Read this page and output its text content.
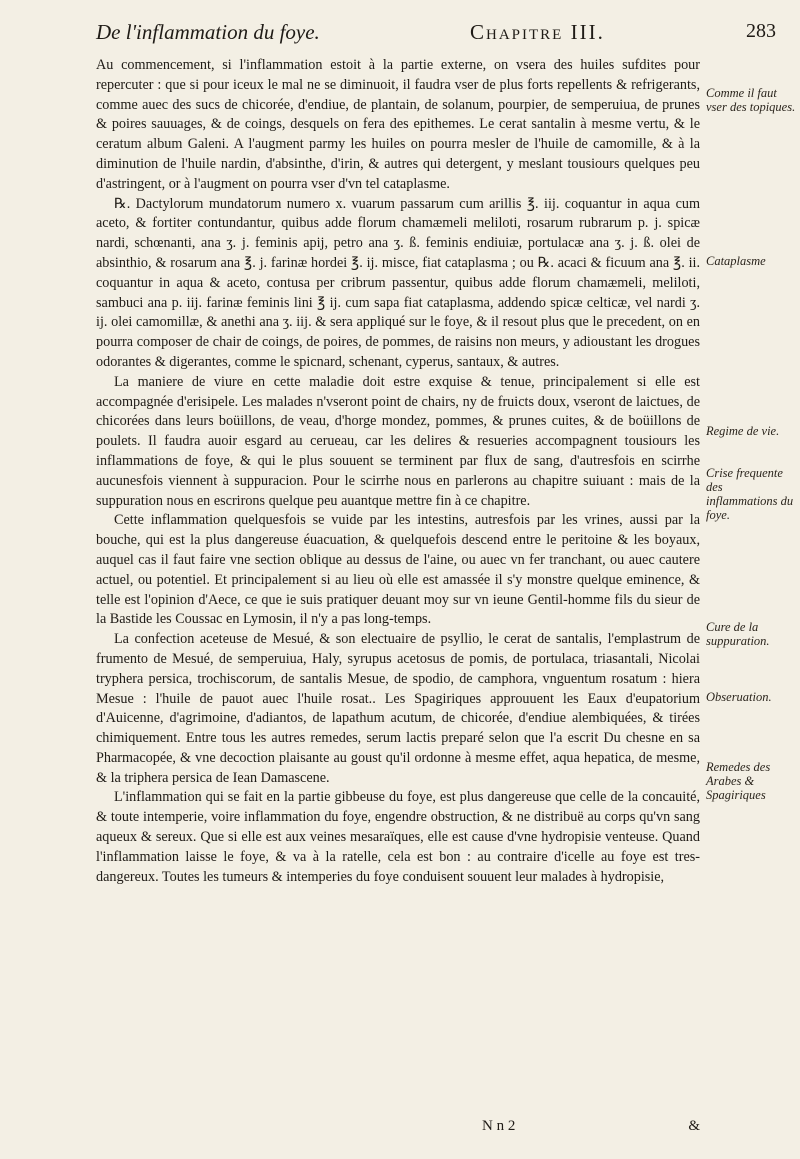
De l'inflammation du foye.	Chapitre III.	283

Au commencement, si l'inflammation estoit à la partie externe, on vsera des huiles sufdites pour repercuter : que si pour iceux le mal ne se diminuoit, il faudra vser de plus forts repellents & refrigerants, comme auec des sucs de chicorée, d'endiue, de plantain, de solanum, pourpier, de semperuiua, de prunes & poires sauuages, & de coings, desquels on fera des epithemes. Le cerat santalin à mesme vertu, & le ceratum album Galeni. A l'augment parmy les huiles on pourra mesler de l'huile de camomille, & à la diminution de l'huile nardin, d'absinthe, d'irin, & autres qui detergent, y meslant tousiours quelques peu d'astringent, or à l'augment on pourra vser d'vn tel cataplasme.

℞. Dactylorum mundatorum numero x. vuarum passarum cum arillis ℥. iij. coquantur in aqua cum aceto, & fortiter contundantur, quibus adde florum chamæmeli meliloti, rosarum rubrarum p. j. spicæ nardi, schœnanti, ana ʒ. j. feminis apij, petro ana ʒ. ß. feminis endiuiæ, portulacæ ana ʒ. j. ß. olei de absinthio, & rosarum ana ℥. j. farinæ hordei ℥. ij. misce, fiat cataplasma ; ou ℞. acaci & ficuum ana ℥. ii. coquantur in aqua & aceto, contusa per cribrum passentur, quibus adde florum chamæmeli, meliloti, sambuci ana p. iij. farinæ feminis lini ℥ ij. cum sapa fiat cataplasma, addendo spicæ celticæ, vel nardi ʒ. ij. olei camomillæ, & anethi ana ʒ. iij. & sera appliqué sur le foye, & il resout plus que le precedent, on en pourra composer de chair de coings, de poires, de pommes, de raisins non meurs, y adioustant les drogues odorantes & digerantes, comme le spicnard, schenant, cyperus, santaux, & autres.

La maniere de viure en cette maladie doit estre exquise & tenue, principalement si elle est accompagnée d'erisipele. Les malades n'vseront point de chairs, ny de fruicts doux, vseront de laictues, de chicorées dans leurs boüillons, de veau, d'horge mondez, pommes, & prunes cuites, & de boüillons de poulets. Il faudra auoir esgard au cerueau, car les delires & resueries accompagnent tousiours les inflammations de foye, & qui le plus souuent se terminent par flux de sang, d'autresfois en scirrhe aucunesfois viennent à suppuracion. Pour le scirrhe nous en parlerons au chapitre suiuant : mais de la suppuration nous en escrirons quelque peu auantque mettre fin à ce chapitre.

Cette inflammation quelquesfois se vuide par les intestins, autresfois par les vrines, aussi par la bouche, qui est la plus dangereuse éuacuation, & quelquefois descend entre le peritoine & les boyaux, auquel cas il faut faire vne section oblique au dessus de l'aine, ou auec vn fer tranchant, ou auec cautere actuel, ou potentiel. Et principalement si au lieu où elle est amassée il s'y monstre quelque eminence, & telle est l'opinion d'Aece, ce que ie suis pratiquer deuant moy sur vn ieune Gentil-homme fils du sieur de la Bastide les Coussac en Lymosin, il n'y a pas long-temps.

La confection aceteuse de Mesué, & son electuaire de psyllio, le cerat de santalis, l'emplastrum de frumento de Mesué, de semperuiua, Haly, syrupus acetosus de pomis, de portulaca, triasantali, Nicolai tryphera persica, trochiscorum, de santalis Mesue, de spodio, de camphora, vnguentum rosatum : hiera Mesue : l'huile de pauot auec l'huile rosat.. Les Spagiriques approuuent les Eaux d'eupatorium d'Auicenne, d'agrimoine, d'adiantos, de lapathum acutum, de chicorée, d'endiue alembiquées, & tirées chimiquement. Entre tous les autres remedes, serum lactis preparé selon que l'a escrit Du chesne en sa Pharmacopée, & vne decoction plaisante au goust qu'il ordonne à mesme effet, aqua hepatica, de mesme, & la triphera persica de Iean Damascene.

L'inflammation qui se fait en la partie gibbeuse du foye, est plus dangereuse que celle de la concauité, & toute intemperie, voire inflammation du foye, engendre obstruction, & ne distribuë au corps qu'vn sang aqueux & sereux. Que si elle est aux veines mesaraïques, elle est cause d'vne hydropisie venteuse. Quand l'inflammation laisse le foye, & va à la ratelle, cela est bon : au contraire d'icelle au foye est tres-dangereux. Toutes les tumeurs & intemperies du foye conduisent souuent leur malades à hydropisie,

Comme il faut vser des topiques.
Cataplasme
Regime de vie.
Crise frequente des inflammations du foye.
Cure de la suppuration.
Obseruation.
Remedes des Arabes & Spagiriques
N n 2	&
